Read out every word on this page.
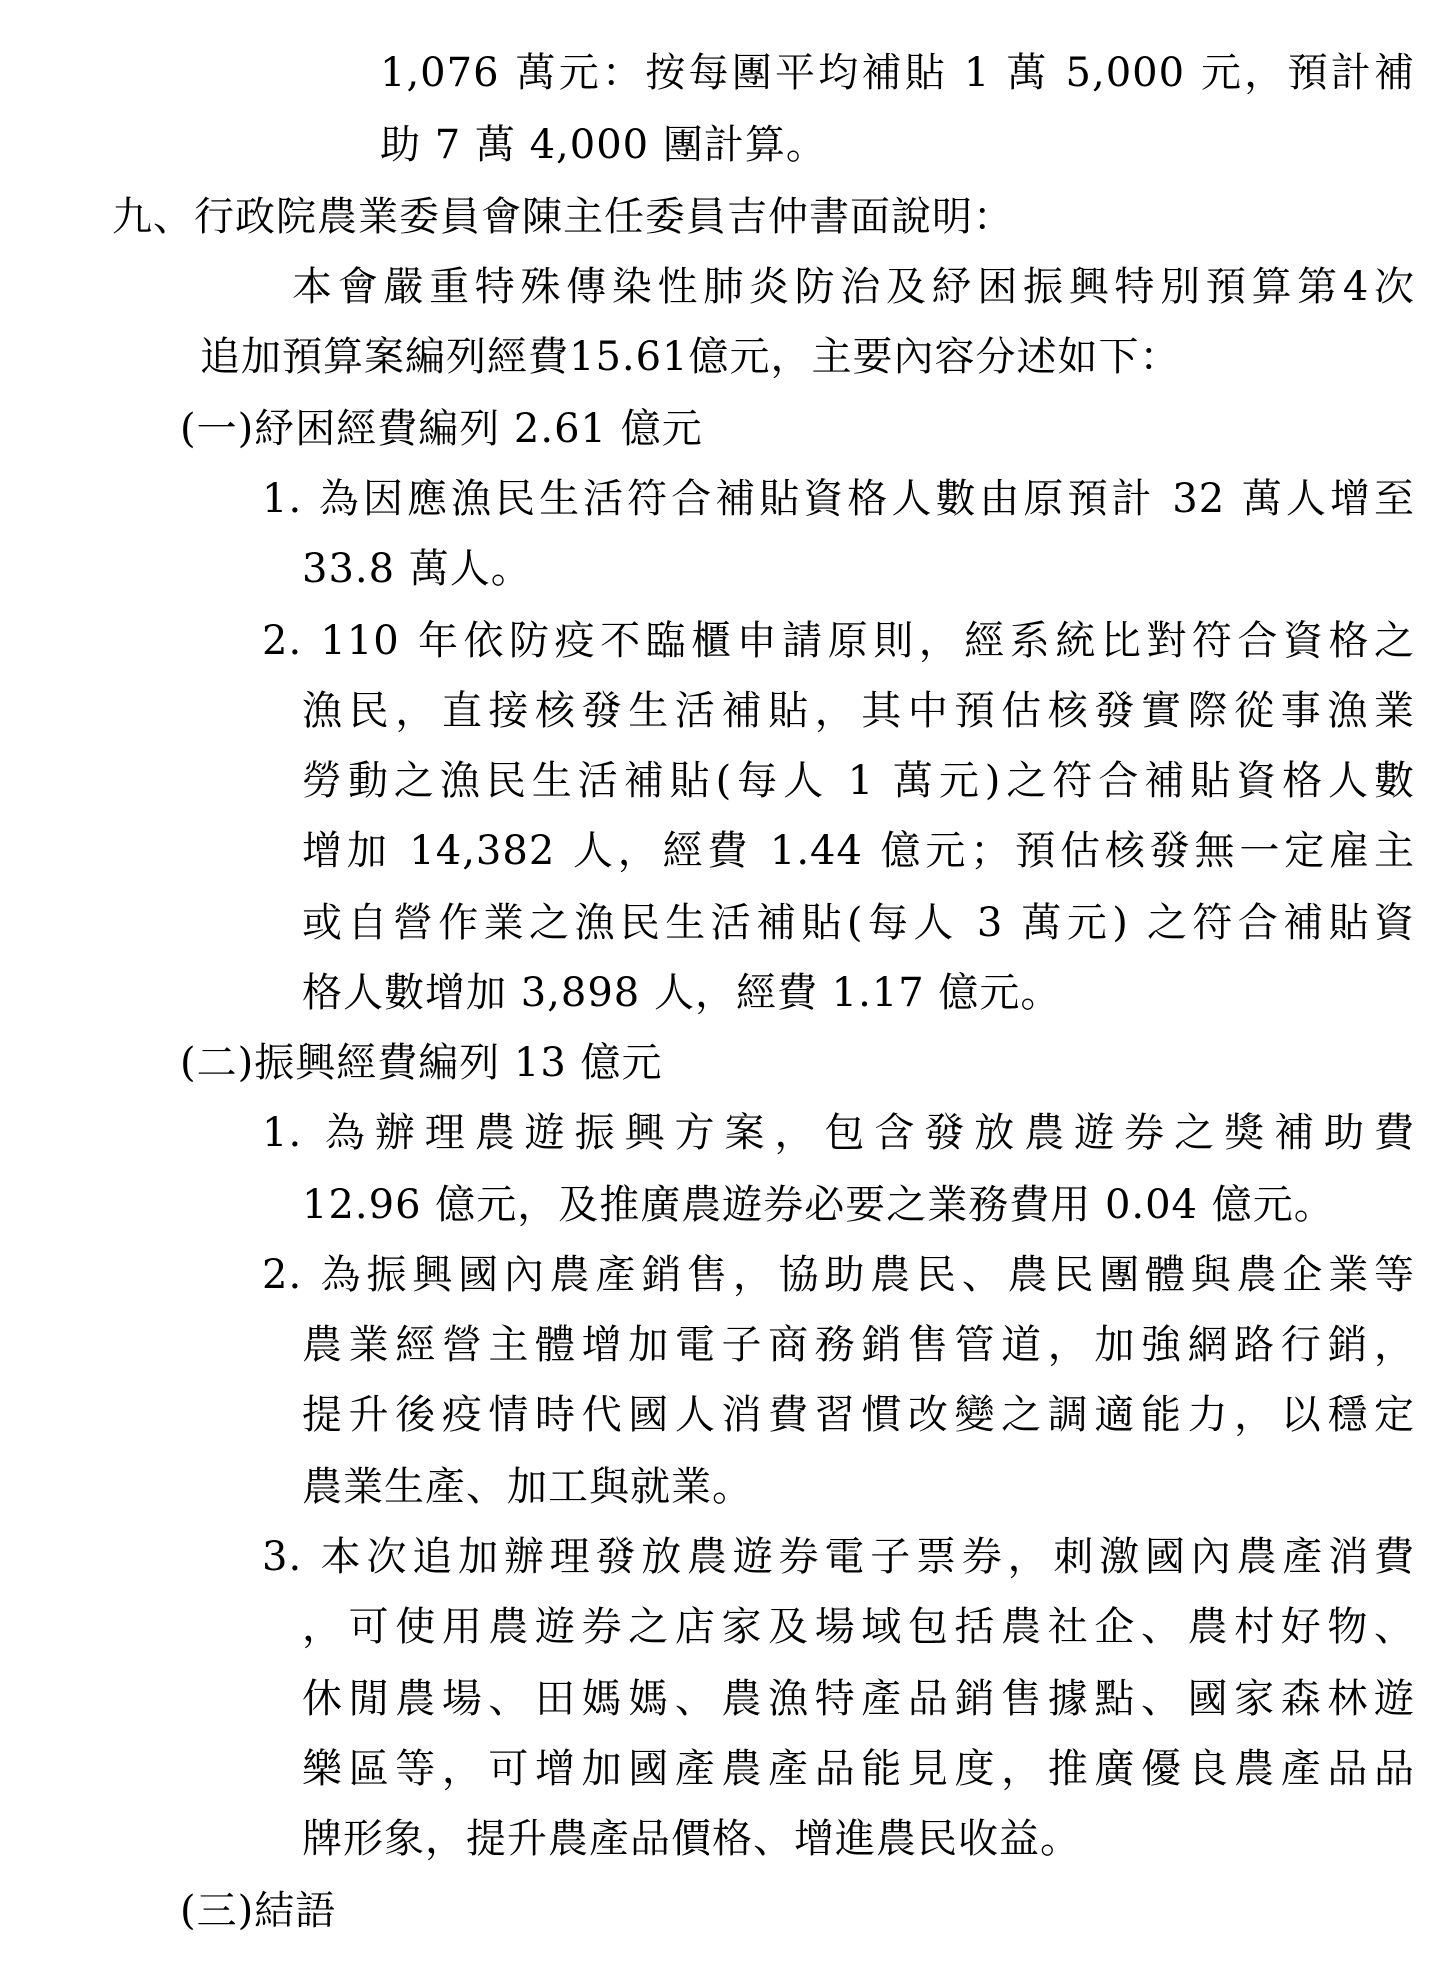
1,076 萬元：按每團平均補貼 1 萬 5,000 元，預計補
助 7 萬 4,000 團計算。
九、行政院農業委員會陳主任委員吉仲書面說明：
本會嚴重特殊傳染性肺炎防治及紓困振興特別預算第4次
追加預算案編列經費15.61億元，主要內容分述如下：
(一)紓困經費編列 2.61 億元
1. 為因應漁民生活符合補貼資格人數由原預計 32 萬人增至
33.8 萬人。
2. 110 年依防疫不臨櫃申請原則，經系統比對符合資格之
漁民，直接核發生活補貼，其中預估核發實際從事漁業
勞動之漁民生活補貼(每人 1 萬元)之符合補貼資格人數
增加 14,382 人，經費 1.44 億元；預估核發無一定雇主
或自營作業之漁民生活補貼(每人 3 萬元) 之符合補貼資
格人數增加 3,898 人，經費 1.17 億元。
(二)振興經費編列 13 億元
1. 為辦理農遊振興方案，包含發放農遊券之獎補助費
12.96 億元，及推廣農遊券必要之業務費用 0.04 億元。
2. 為振興國內農產銷售，協助農民、農民團體與農企業等
農業經營主體增加電子商務銷售管道，加強網路行銷，
提升後疫情時代國人消費習慣改變之調適能力，以穩定
農業生產、加工與就業。
3. 本次追加辦理發放農遊券電子票券，刺激國內農產消費
，可使用農遊券之店家及場域包括農社企、農村好物、
休閒農場、田媽媽、農漁特產品銷售據點、國家森林遊
樂區等，可增加國產農產品能見度，推廣優良農產品品
牌形象，提升農產品價格、增進農民收益。
(三)結語
